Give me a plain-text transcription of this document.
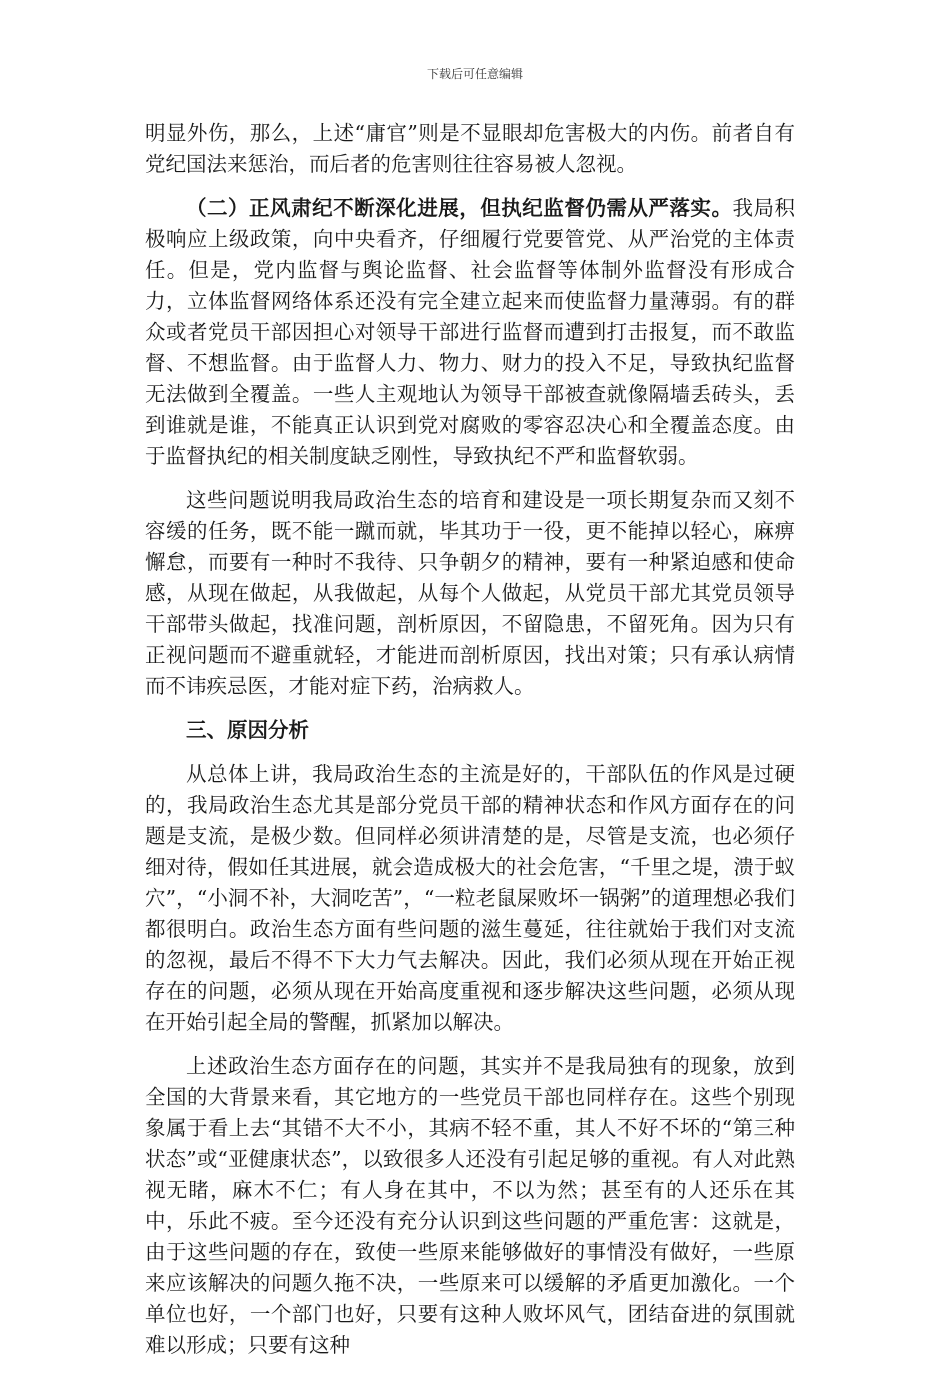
下载后可任意编辑

明显外伤，那么，上述“庸官”则是不显眼却危害极大的内伤。前者自有党纪国法来惩治，而后者的危害则往往容易被人忽视。

（二）正风肃纪不断深化进展，但执纪监督仍需从严落实。我局积极响应上级政策，向中央看齐，仔细履行党要管党、从严治党的主体责任。但是，党内监督与舆论监督、社会监督等体制外监督没有形成合力，立体监督网络体系还没有完全建立起来而使监督力量薄弱。有的群众或者党员干部因担心对领导干部进行监督而遭到打击报复，而不敢监督、不想监督。由于监督人力、物力、财力的投入不足，导致执纪监督无法做到全覆盖。一些人主观地认为领导干部被查就像隔墙丢砖头，丢到谁就是谁，不能真正认识到党对腐败的零容忍决心和全覆盖态度。由于监督执纪的相关制度缺乏刚性，导致执纪不严和监督软弱。

这些问题说明我局政治生态的培育和建设是一项长期复杂而又刻不容缓的任务，既不能一蹴而就，毕其功于一役，更不能掉以轻心，麻痹懈怠，而要有一种时不我待、只争朝夕的精神，要有一种紧迫感和使命感，从现在做起，从我做起，从每个人做起，从党员干部尤其党员领导干部带头做起，找准问题，剖析原因，不留隐患，不留死角。因为只有正视问题而不避重就轻，才能进而剖析原因，找出对策；只有承认病情而不讳疾忌医，才能对症下药，治病救人。

三、原因分析

从总体上讲，我局政治生态的主流是好的，干部队伍的作风是过硬的，我局政治生态尤其是部分党员干部的精神状态和作风方面存在的问题是支流，是极少数。但同样必须讲清楚的是，尽管是支流，也必须仔细对待，假如任其进展，就会造成极大的社会危害，“千里之堤，溃于蚁穴”，“小洞不补，大洞吃苦”，“一粒老鼠屎败坏一锅粥”的道理想必我们都很明白。政治生态方面有些问题的滋生蔓延，往往就始于我们对支流的忽视，最后不得不下大力气去解决。因此，我们必须从现在开始正视存在的问题，必须从现在开始高度重视和逐步解决这些问题，必须从现在开始引起全局的警醒，抓紧加以解决。

上述政治生态方面存在的问题，其实并不是我局独有的现象，放到全国的大背景来看，其它地方的一些党员干部也同样存在。这些个别现象属于看上去“其错不大不小，其病不轻不重，其人不好不坏的“第三种状态”或“亚健康状态”，以致很多人还没有引起足够的重视。有人对此熟视无睹，麻木不仁；有人身在其中，不以为然；甚至有的人还乐在其中，乐此不疲。至今还没有充分认识到这些问题的严重危害：这就是，由于这些问题的存在，致使一些原来能够做好的事情没有做好，一些原来应该解决的问题久拖不决，一些原来可以缓解的矛盾更加激化。一个单位也好，一个部门也好，只要有这种人败坏风气，团结奋进的氛围就难以形成；只要有这种
